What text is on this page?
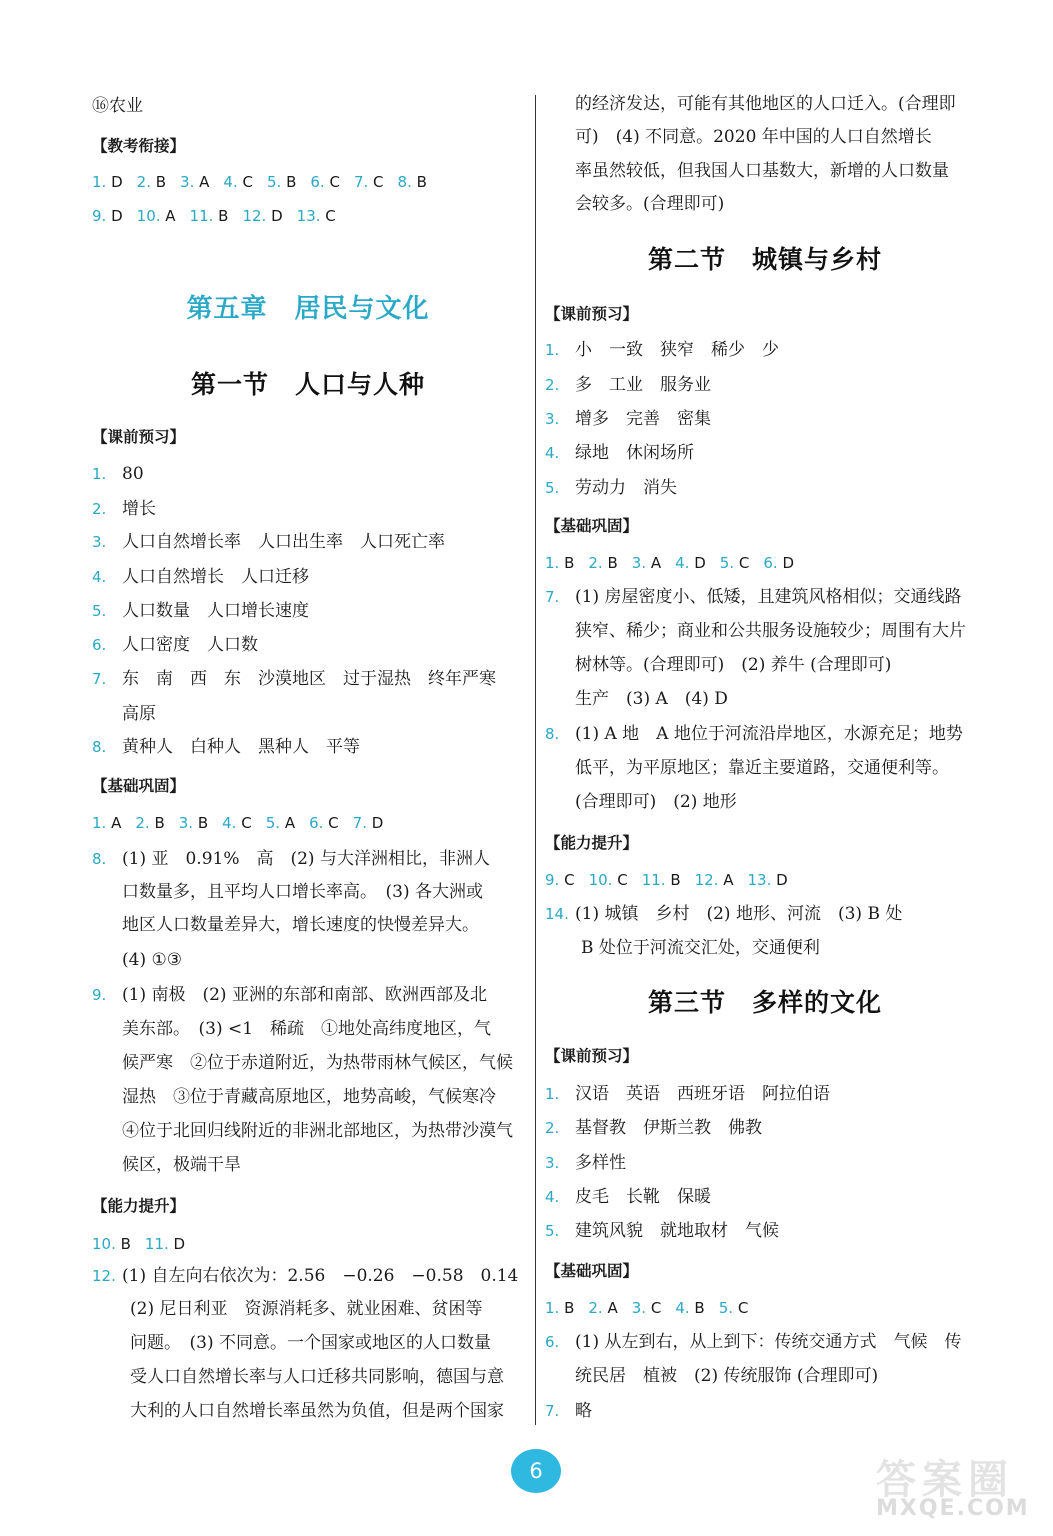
⑯农业
【教考衔接】
1. D 2. B 3. A 4. C 5. B 6. C 7. C 8. B
9. D 10. A 11. B 12. D 13. C
第五章　居民与文化
第一节　人口与人种
【课前预习】
1. 80
2. 增长
3. 人口自然增长率　人口出生率　人口死亡率
4. 人口自然增长　人口迁移
5. 人口数量　人口增长速度
6. 人口密度　人口数
7. 东　南　西　东　沙漠地区　过于湿热　终年严寒
高原
8. 黄种人　白种人　黑种人　平等
【基础巩固】
1. A 2. B 3. B 4. C 5. A 6. C 7. D
8. (1) 亚　0.91%　高　(2) 与大洋洲相比，非洲人
口数量多，且平均人口增长率高。　(3) 各大洲或
地区人口数量差异大，增长速度的快慢差异大。
(4) ①③
9. (1) 南极　(2) 亚洲的东部和南部、欧洲西部及北
美东部。　(3) <1　稀疏　①地处高纬度地区，气
候严寒　②位于赤道附近，为热带雨林气候区，气候
湿热　③位于青藏高原地区，地势高峻，气候寒冷
④位于北回归线附近的非洲北部地区，为热带沙漠气
候区，极端干旱
【能力提升】
10. B 11. D
12. (1) 自左向右依次为：2.56　−0.26　−0.58　0.14
(2) 尼日利亚　资源消耗多、就业困难、贫困等
问题。　(3) 不同意。一个国家或地区的人口数量
受人口自然增长率与人口迁移共同影响，德国与意
大利的人口自然增长率虽然为负值，但是两个国家
的经济发达，可能有其他地区的人口迁入。(合理即
可)　(4) 不同意。2020 年中国的人口自然增长
率虽然较低，但我国人口基数大，新增的人口数量
会较多。(合理即可)
第二节　城镇与乡村
【课前预习】
1. 小　一致　狭窄　稀少　少
2. 多　工业　服务业
3. 增多　完善　密集
4. 绿地　休闲场所
5. 劳动力　消失
【基础巩固】
1. B 2. B 3. A 4. D 5. C 6. D
7. (1) 房屋密度小、低矮，且建筑风格相似；交通线路
狭窄、稀少；商业和公共服务设施较少；周围有大片
树林等。(合理即可)　(2) 养牛 (合理即可)
生产　(3) A　(4) D
8. (1) A 地　A 地位于河流沿岸地区，水源充足；地势
低平，为平原地区；靠近主要道路，交通便利等。
(合理即可)　(2) 地形
【能力提升】
9. C 10. C 11. B 12. A 13. D
14. (1) 城镇　乡村　(2) 地形、河流　(3) B 处
B 处位于河流交汇处，交通便利
第三节　多样的文化
【课前预习】
1. 汉语　英语　西班牙语　阿拉伯语
2. 基督教　伊斯兰教　佛教
3. 多样性
4. 皮毛　长靴　保暖
5. 建筑风貌　就地取材　气候
【基础巩固】
1. B 2. A 3. C 4. B 5. C
6. (1) 从左到右，从上到下：传统交通方式　气候　传
统民居　植被　(2) 传统服饰 (合理即可)
7. 略
6	答案圈
MXQE.COM
